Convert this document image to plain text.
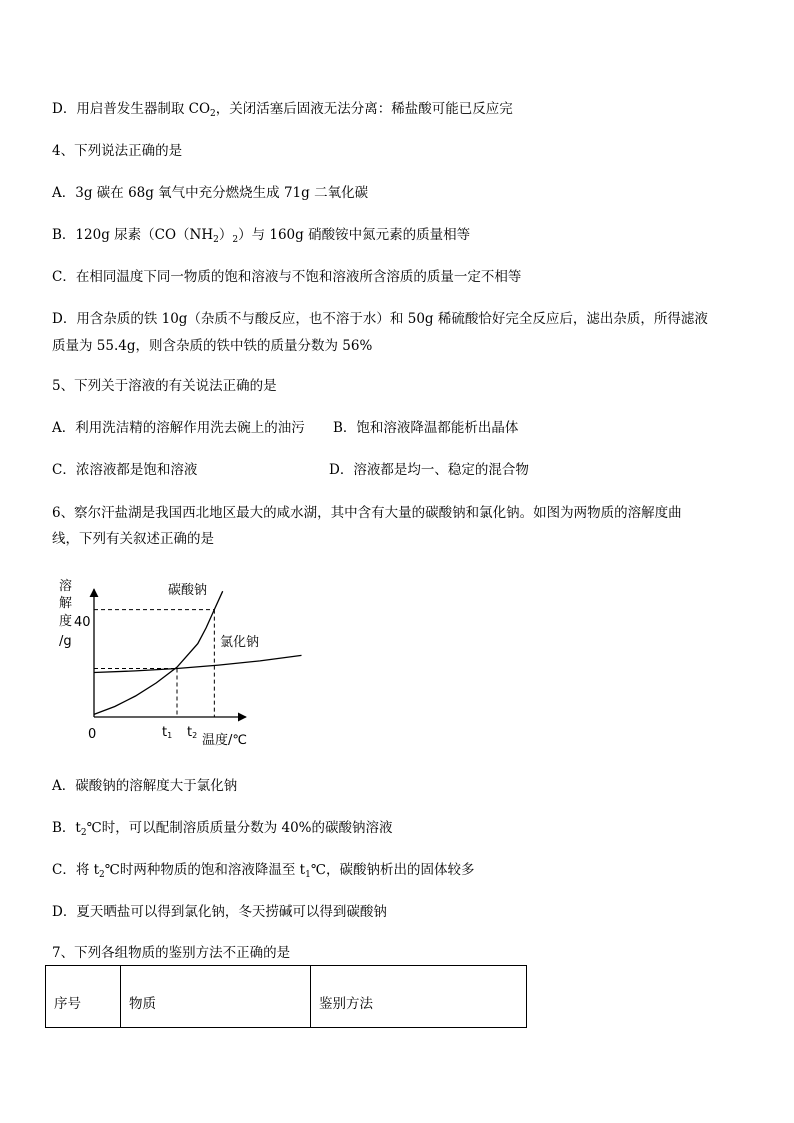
D．用启普发生器制取 $CO_2$，关闭活塞后固液无法分离：稀盐酸可能已反应完
4、下列说法正确的是
A．3g 碳在 68g 氧气中充分燃烧生成 71g 二氧化碳
B．120g 尿素$(CO(NH_2)_2)$与 160g 硝酸铵中氮元素的质量相等
C．在相同温度下同一物质的饱和溶液与不饱和溶液所含溶质的质量一定不相等
D．用含杂质的铁 10g（杂质不与酸反应，也不溶于水）和 50g 稀硫酸恰好完全反应后，滤出杂质，所得滤液
质量为 55.4g，则含杂质的铁中铁的质量分数为 56%
5、下列关于溶液的有关说法正确的是
A．利用洗洁精的溶解作用洗去碗上的油污 B．饱和溶液降温都能析出晶体
C．浓溶液都是饱和溶液	D．溶液都是均一、稳定的混合物
6、察尔汗盐湖是我国西北地区最大的咸水湖，其中含有大量的碳酸钠和氯化钠。如图为两物质的溶解度曲
线，下列有关叙述正确的是
溶
解
度
/g
0
40
温度/℃
t1 t2
碳酸钠
氯化钠
A．碳酸钠的溶解度大于氯化钠
B．$t_2℃$时，可以配制溶质质量分数为 40%的碳酸钠溶液
C．将 $t_2℃$时两种物质的饱和溶液降温至 $t_1℃$，碳酸钠析出的固体较多
D．夏天晒盐可以得到氯化钠，冬天捞碱可以得到碳酸钠
7、下列各组物质的鉴别方法不正确的是
序号	物质	鉴别方法
